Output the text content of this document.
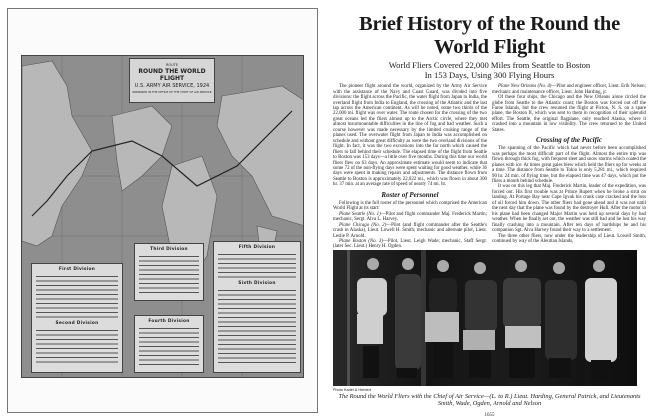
ROUTE
ROUND THE WORLD FLIGHT
U.S. ARMY AIR SERVICE, 1924
PREPARED IN THE OFFICE OF THE CHIEF OF AIR SERVICE
First Division
Second Division
Third Division
Fourth Division
Fifth Division
Sixth Division
Brief History of the Round the World Flight
World Fliers Covered 22,000 Miles from Seattle to Boston
In 153 Days, Using 300 Flying Hours

The pioneer flight around the world, organized by the Army Air Service with the assistance of the Navy and Coast Guard, was divided into five divisions: the flight across the Pacific, the water flight from Japan to India, the overland flight from India to England, the crossing of the Atlantic and the last lap across the American continent. As will be noted, some two thirds of the 22,000 mi. flight was over water. The route chosen for the crossing of the two great oceans led the fliers almost up to the Arctic circle, where they met almost insurmountable difficulties in the line of fog and bad weather. Such a course however was made necessary by the limited cruising range of the planes used. The overwater flight from Japan to India was accomplished on schedule and without great difficulty as were the two overland divisions of the flight. In fact, it was the two excursions into the far north which caused the fliers to fall behind their schedule. The elapsed time of the flight from Seattle to Boston was 153 days—a little over five months. During this time our world fliers flew on 63 days. An approximate estimate would seem to indicate that some 72 of the non-flying days were spent waiting for good weather, while 36 days were spent in making repairs and adjustments. The distance flown from Seattle to Boston is approximately 22,022 mi., which was flown in about 300 hr. 37 min. at an average rate of speed of nearly 74 mi. hr.

Roster of Personnel

Following is the full roster of the personnel which comprised the American World Flight at its start:

Plane Seattle (No. 1)—Pilot and flight commander Maj. Frederick Martin; mechanic, Sergt. Alva L. Harvey.

Plane Chicago (No. 2)—Pilot (and flight commander after the Seattle's crash in Alaska), Lieut. Lowell H. Smith; mechanic and alternate pilot, Lieut. Leslie P. Arnold.

Plane Boston (No. 3)—Pilot, Lieut. Leigh Wade; mechanic, Staff Sergt. (later Sec. Lieut.) Henry H. Ogden.

Plane New Orleans (No. 4)—Pilot and engineer officer, Lieut. Erik Nelson; mechanic and maintenance officer, Lieut. John Harding, jr.

Of these four ships, the Chicago and the New Orleans alone circled the globe from Seattle to the Atlantic coast; the Boston was forced out off the Faroe Islands, but the crew resumed the flight at Picton, N. S. on a spare plane, the Boston II, which was sent to them in recognition of their splendid effort. The Seattle, the original flagplane, only reached Alaska, where it crashed into a mountain in low visibility. The crew returned to the United States.

Crossing of the Pacific

The spanning of the Pacific which had never before been accomplished was perhaps the most difficult part of the flight. Almost the entire trip was flown through thick fog, with frequent sleet and snow storms which coated the planes with ice. At times great gales blew which held the fliers up for weeks at a time. The distance from Seattle to Tokio is only 5,281 mi., which required 90 hr. 24 min. of flying time, but the elapsed time was 47 days, which put the fliers a month behind schedule.

It was on this leg that Maj. Frederick Martin, leader of the expedition, was forced out. His first trouble was at Prince Rupert when he broke a strut on landing. At Portage Bay near Cape Igvak his crank case cracked and the loss of oil forced him down. The other fliers had gone ahead and it was not until the next day that the plane was found by the destroyer Hull. After the motor in his plane had been changed Major Martin was held up several days by bad weather. When he finally set out, the weather was still bad and he lost his way finally crashing into a mountain. After ten days of hardships he and his companion Sgt. Alva Harvey found their way to a settlement.

The three other fliers, now under the leadership of Lieut. Lowell Smith, continued by way of the Aleutian Islands,

Photo Kadel & Herbert
The Round the World Fliers with the Chief of Air Service—(L. to R.) Lieut. Harding, General Patrick, and Lieutenants Smith, Wade, Ogden, Arnold and Nelson
1655
